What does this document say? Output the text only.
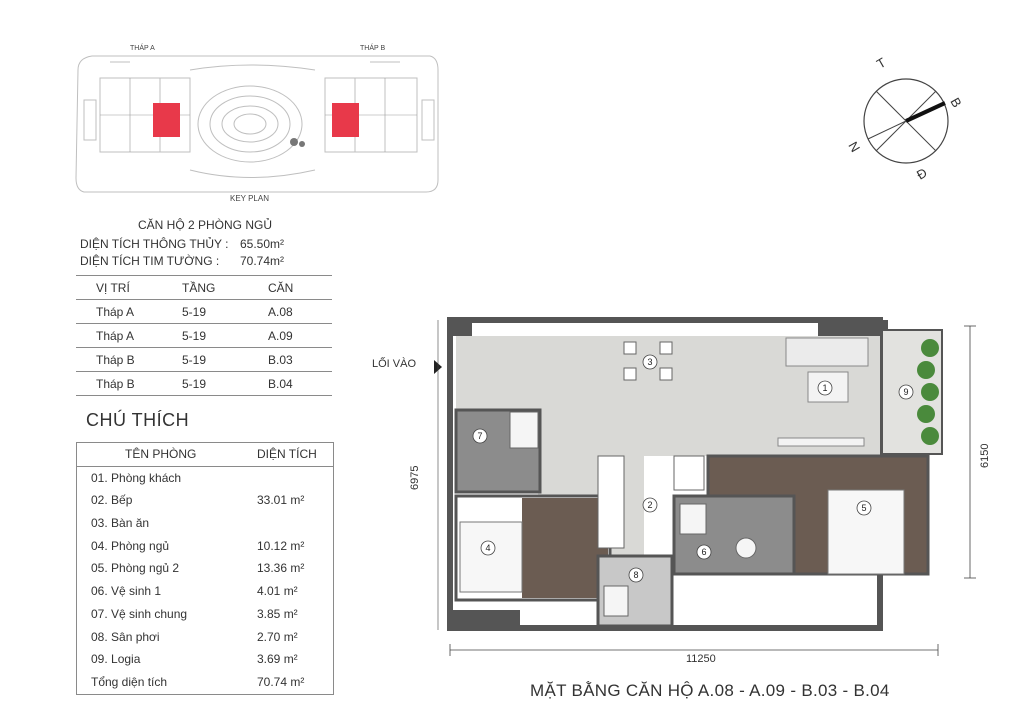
THÁP A	THÁP B
KEY PLAN
CĂN HỘ 2 PHÒNG NGỦ
DIỆN TÍCH THÔNG THỦY : 65.50m²
DIỆN TÍCH TIM TƯỜNG :	70.74m²
VỊ TRÍ	TẦNG	CĂN
Tháp A	5-19	A.08
Tháp A	5-19	A.09
Tháp B	5-19	B.03
Tháp B	5-19	B.04
CHÚ THÍCH
TÊN PHÒNG	DIỆN TÍCH
01. Phòng khách
02. Bếp	33.01 m²
03. Bàn ăn
04. Phòng ngủ	10.12 m²
05. Phòng ngủ 2	13.36 m²
06. Vệ sinh 1	4.01 m²
07. Vệ sinh chung	3.85 m²
08. Sân phơi	2.70 m²
09. Logia	3.69 m²
Tổng diện tích	70.74 m²
T
B
Đ
N
LỐI VÀO
1
2
3
4
5
6
7
8
9
11250
6975
6150
MẶT BẰNG CĂN HỘ A.08 - A.09 - B.03 - B.04
